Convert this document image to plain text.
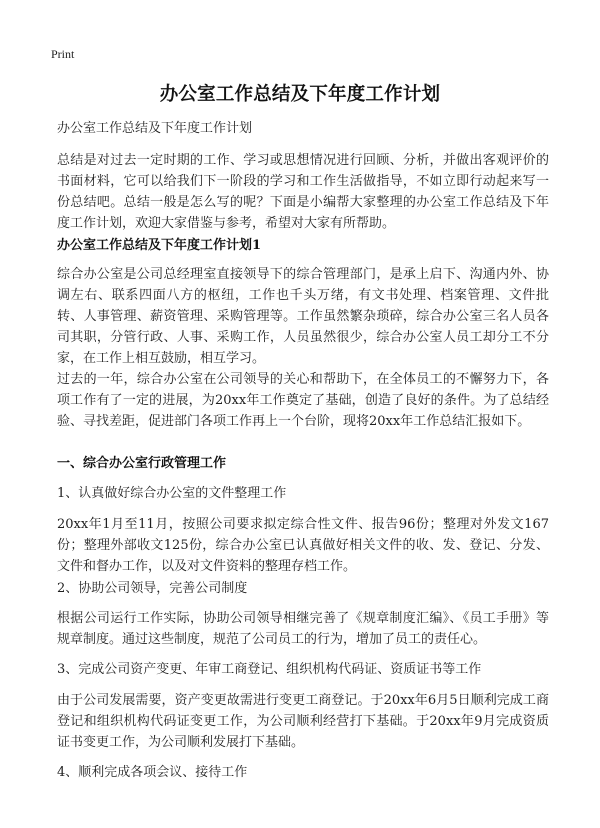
Print
办公室工作总结及下年度工作计划

办公室工作总结及下年度工作计划

总结是对过去一定时期的工作、学习或思想情况进行回顾、分析，并做出客观评价的书面材料，它可以给我们下一阶段的学习和工作生活做指导，不如立即行动起来写一份总结吧。总结一般是怎么写的呢？下面是小编帮大家整理的办公室工作总结及下年度工作计划，欢迎大家借鉴与参考，希望对大家有所帮助。

办公室工作总结及下年度工作计划1

综合办公室是公司总经理室直接领导下的综合管理部门，是承上启下、沟通内外、协调左右、联系四面八方的枢纽，工作也千头万绪，有文书处理、档案管理、文件批转、人事管理、薪资管理、采购管理等。工作虽然繁杂琐碎，综合办公室三名人员各司其职，分管行政、人事、采购工作，人员虽然很少，综合办公室人员工却分工不分家，在工作上相互鼓励，相互学习。

过去的一年，综合办公室在公司领导的关心和帮助下，在全体员工的不懈努力下，各项工作有了一定的进展，为20xx年工作奠定了基础，创造了良好的条件。为了总结经验、寻找差距，促进部门各项工作再上一个台阶，现将20xx年工作总结汇报如下。

一、综合办公室行政管理工作

1、认真做好综合办公室的文件整理工作

20xx年1月至11月，按照公司要求拟定综合性文件、报告96份；整理对外发文167份；整理外部收文125份，综合办公室已认真做好相关文件的收、发、登记、分发、文件和督办工作，以及对文件资料的整理存档工作。

2、协助公司领导，完善公司制度

根据公司运行工作实际，协助公司领导相继完善了《规章制度汇编》、《员工手册》等规章制度。通过这些制度，规范了公司员工的行为，增加了员工的责任心。

3、完成公司资产变更、年审工商登记、组织机构代码证、资质证书等工作

由于公司发展需要，资产变更故需进行变更工商登记。于20xx年6月5日顺利完成工商登记和组织机构代码证变更工作，为公司顺利经营打下基础。于20xx年9月完成资质证书变更工作，为公司顺利发展打下基础。

4、顺利完成各项会议、接待工作
